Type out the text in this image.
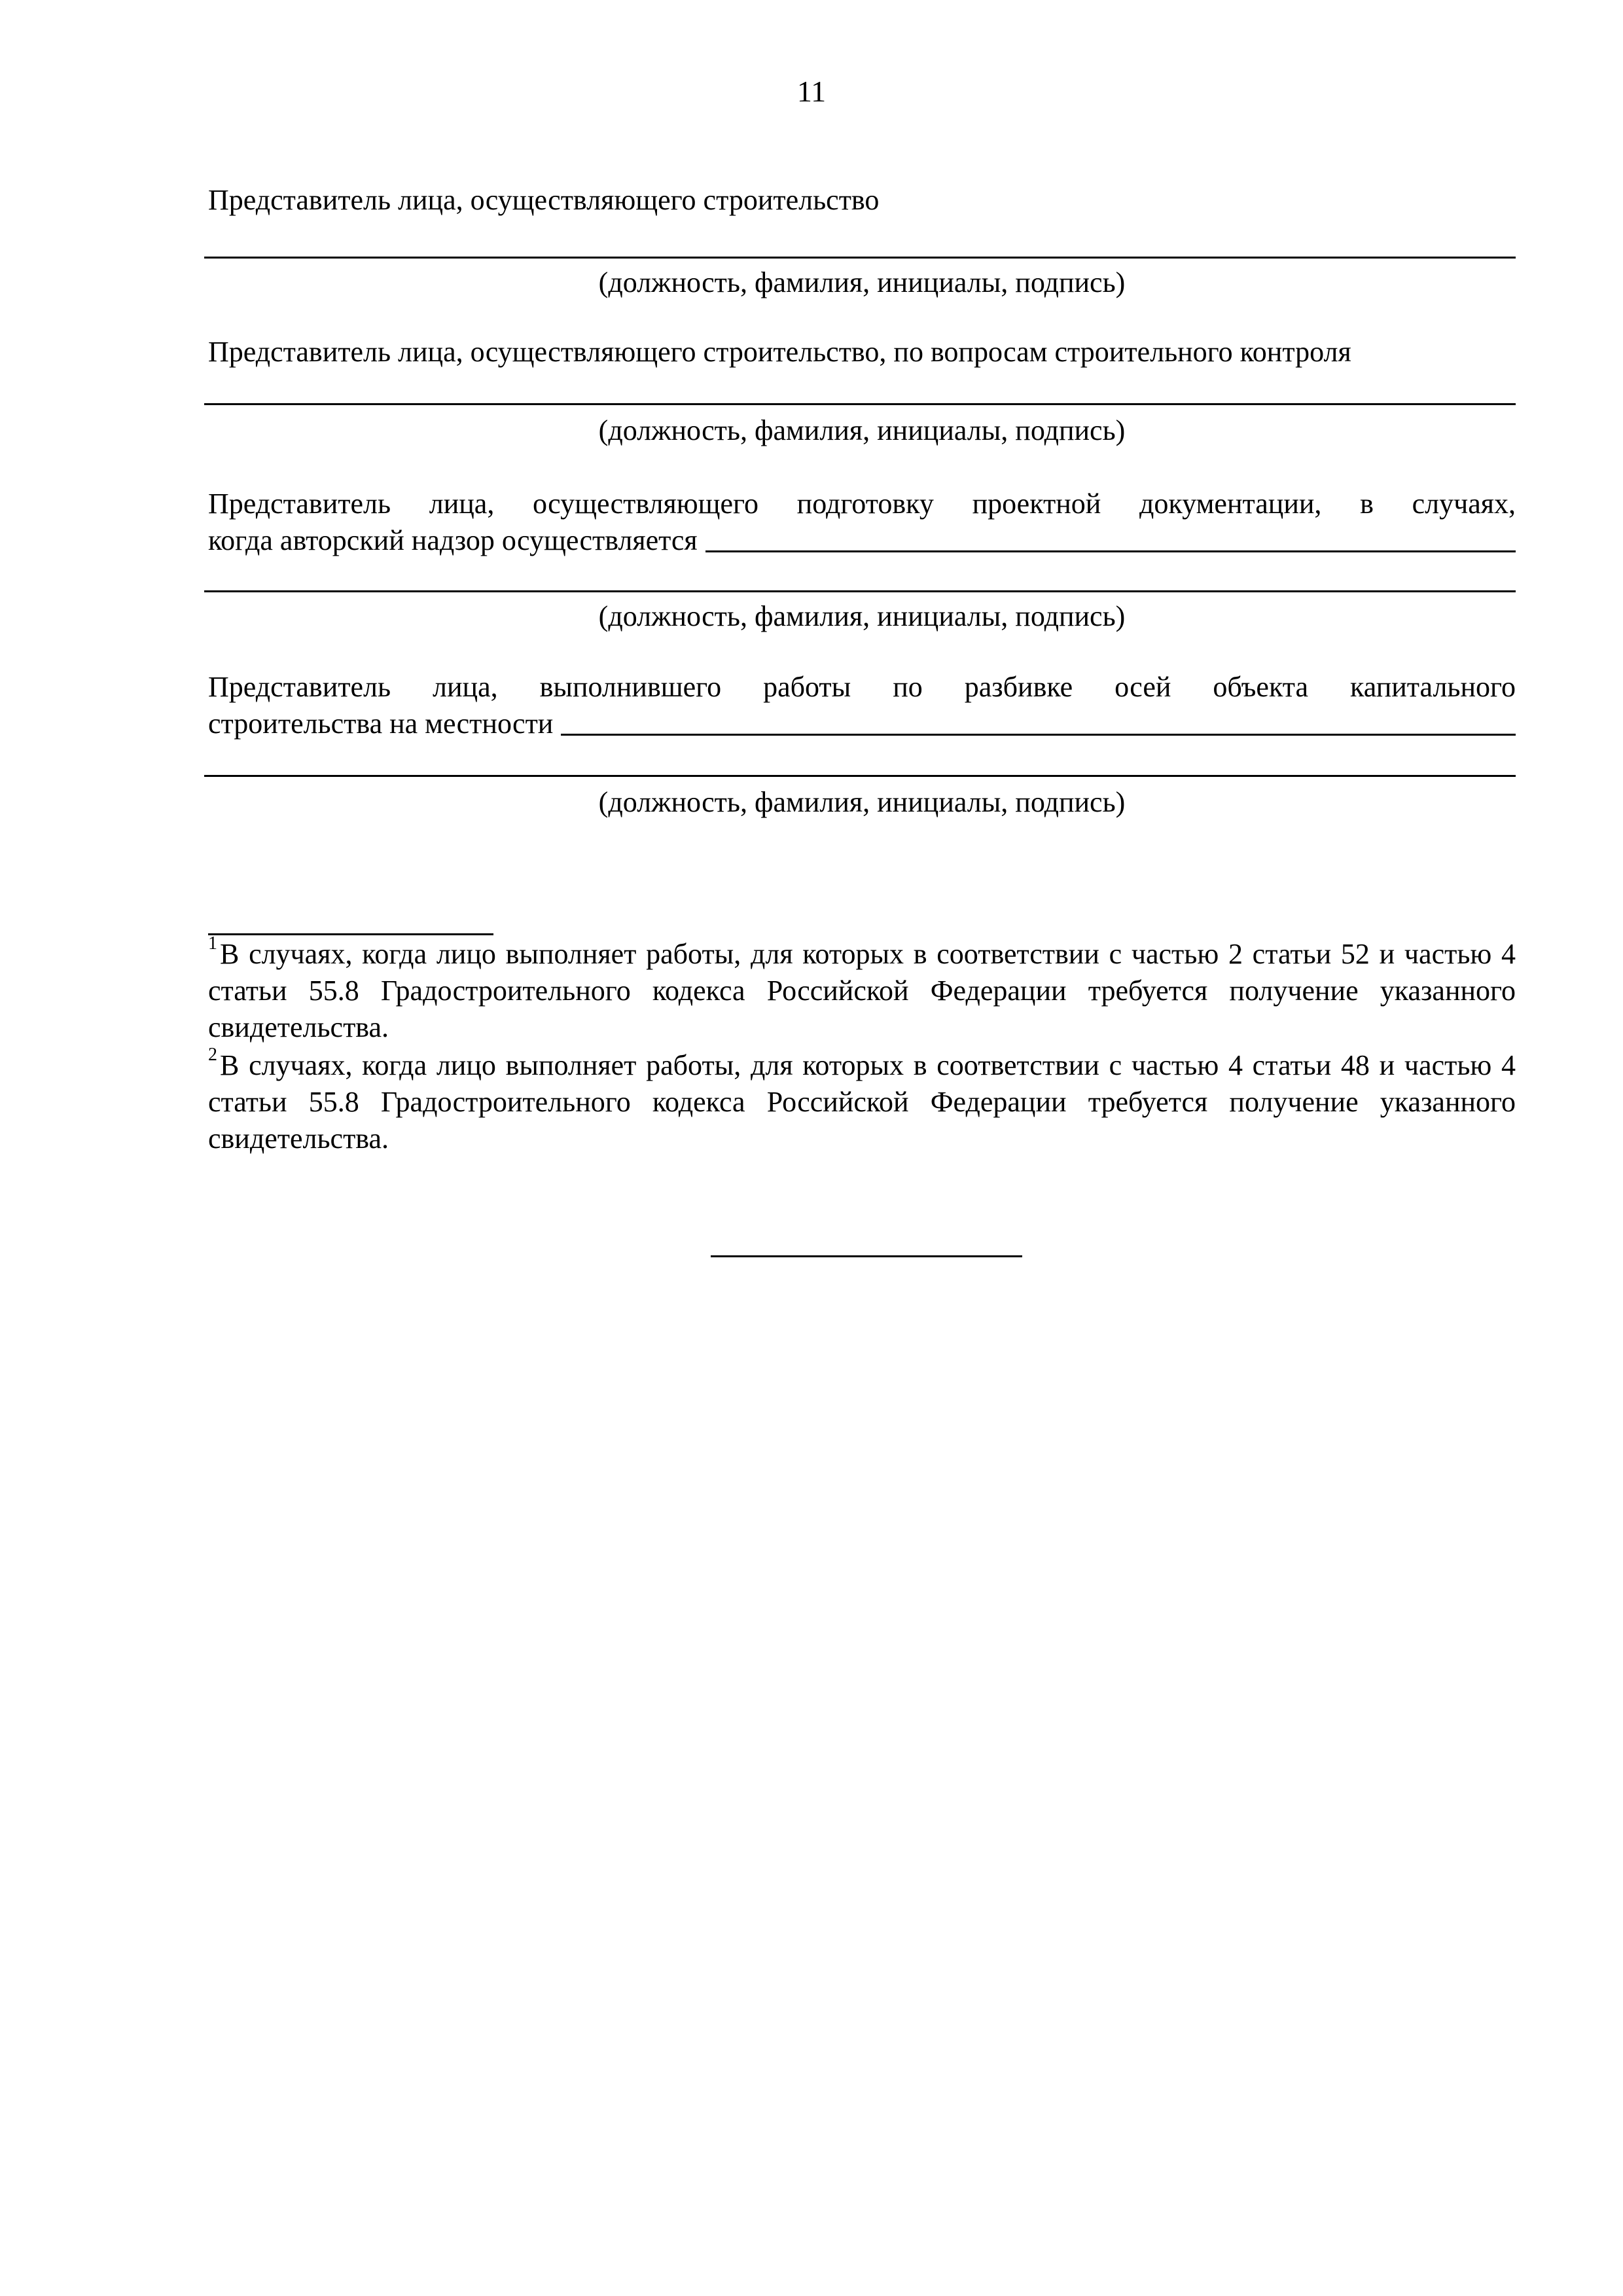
11
Представитель лица, осуществляющего строительство
(должность, фамилия, инициалы, подпись)
Представитель лица, осуществляющего строительство, по вопросам строительного контроля
(должность, фамилия, инициалы, подпись)
Представитель лица, осуществляющего подготовку проектной документации, в случаях,
когда авторский надзор осуществляется
(должность, фамилия, инициалы, подпись)
Представитель лица, выполнившего работы по разбивке осей объекта капитального
строительства на местности
(должность, фамилия, инициалы, подпись)
$^1$В случаях, когда лицо выполняет работы, для которых в соответствии с частью 2 статьи 52 и частью 4 статьи 55.8 Градостроительного кодекса Российской Федерации требуется получение указанного свидетельства.
$^2$В случаях, когда лицо выполняет работы, для которых в соответствии с частью 4 статьи 48 и частью 4 статьи 55.8 Градостроительного кодекса Российской Федерации требуется получение указанного свидетельства.
